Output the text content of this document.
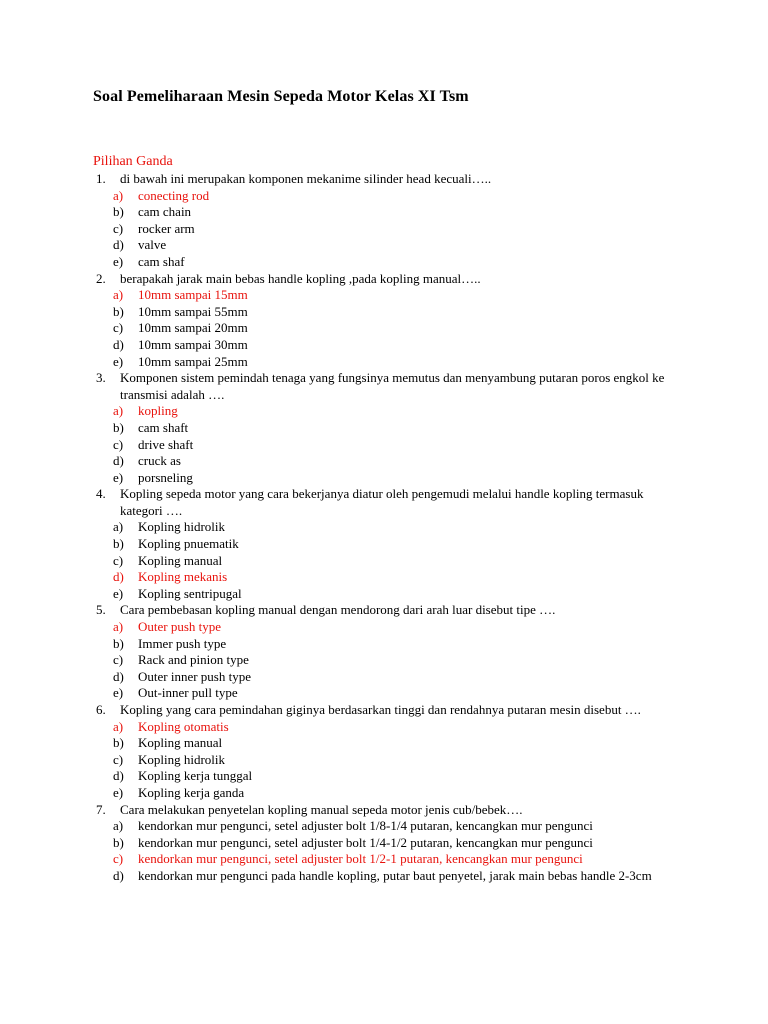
Soal Pemeliharaan Mesin Sepeda Motor Kelas XI Tsm
Pilihan Ganda
1. di bawah ini merupakan komponen mekanime silinder head kecuali…..
a) conecting rod
b) cam chain
c) rocker arm
d) valve
e) cam shaf
2. berapakah jarak main bebas handle kopling ,pada kopling manual…..
a) 10mm sampai 15mm
b) 10mm sampai 55mm
c) 10mm sampai 20mm
d) 10mm sampai 30mm
e) 10mm sampai 25mm
3. Komponen sistem pemindah tenaga yang fungsinya memutus dan menyambung putaran poros engkol ke transmisi adalah ….
a) kopling
b) cam shaft
c) drive shaft
d) cruck as
e) porsneling
4. Kopling sepeda motor yang cara bekerjanya diatur oleh pengemudi melalui handle kopling termasuk kategori ….
a) Kopling hidrolik
b) Kopling pnuematik
c) Kopling manual
d) Kopling mekanis
e) Kopling sentripugal
5. Cara pembebasan kopling manual dengan mendorong dari arah luar disebut tipe ….
a) Outer push type
b) Immer push type
c) Rack and pinion type
d) Outer inner push type
e) Out-inner pull type
6. Kopling yang cara pemindahan giginya berdasarkan tinggi dan rendahnya putaran mesin disebut ….
a) Kopling otomatis
b) Kopling manual
c) Kopling hidrolik
d) Kopling kerja tunggal
e) Kopling kerja ganda
7. Cara melakukan penyetelan kopling manual sepeda motor jenis cub/bebek….
a) kendorkan mur pengunci, setel adjuster bolt 1/8-1/4 putaran, kencangkan mur pengunci
b) kendorkan mur pengunci, setel adjuster bolt 1/4-1/2 putaran, kencangkan mur pengunci
c) kendorkan mur pengunci, setel adjuster bolt 1/2-1 putaran, kencangkan mur pengunci
d) kendorkan mur pengunci pada handle kopling, putar baut penyetel, jarak main bebas handle 2-3cm
